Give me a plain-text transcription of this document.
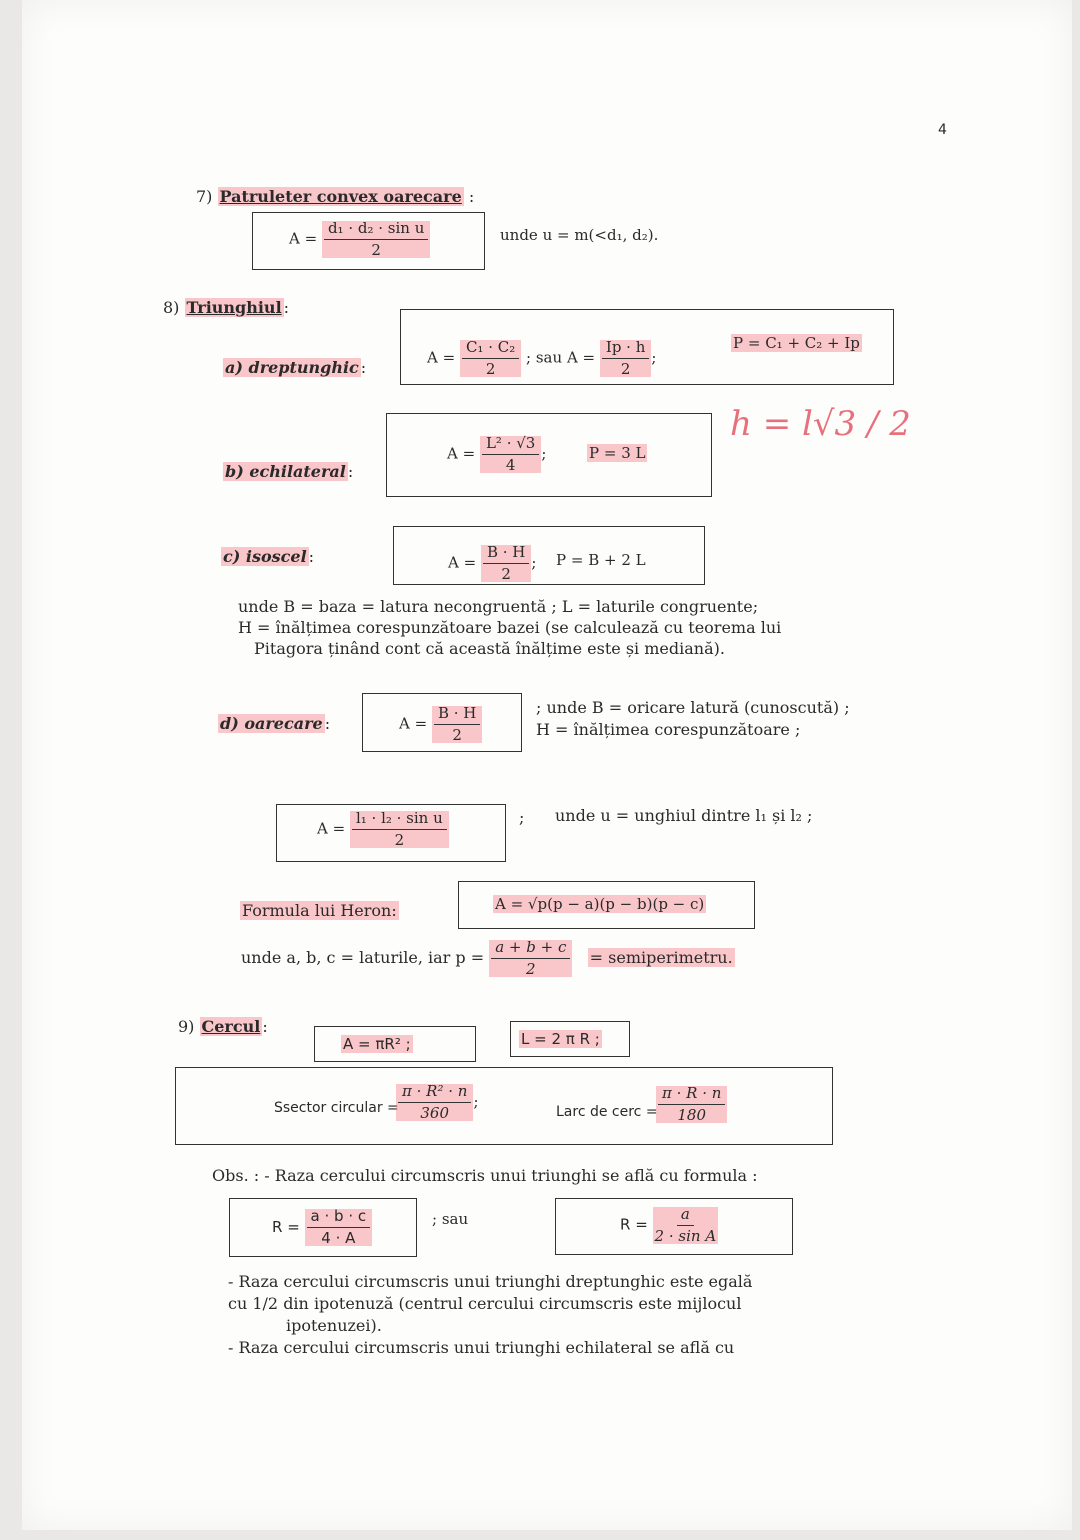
4
7) Patruleter convex oarecare :
$A = \frac{\text{d₁ · d₂ · sin u}}{2}$	unde u = m(<d₁, d₂).
8) Triunghiul :
a) dreptunghic :
$A = \frac{\text{C₁ · C₂}}{2}$ ; sau $A = \frac{Ip \cdot h}{2}$ ;
P = C₁ + C₂ + Ip
b) echilateral :
$A = \frac{\text{L² · √3}}{4}$ ;	P = 3 L
h = l√3 / 2
c) isoscel :	$A = \frac{B \cdot H}{2}$ ; P = B + 2 L
unde B = baza = latura necongruentă ; L = laturile congruente;
H = înălțimea corespunzătoare bazei (se calculează cu teorema lui
Pitagora ținând cont că această înălțime este și mediană).
d) oarecare :	$A = \frac{B \cdot H}{2}$	; unde B = oricare latură (cunoscută) ;
H = înălțimea corespunzătoare ;
$A = \frac{\text{l₁ · l₂ · sin u}}{2}$	; unde u = unghiul dintre l₁ și l₂ ;
Formula lui Heron:	A = √p(p − a)(p − b)(p − c)
unde a, b, c = laturile, iar $p = \frac{a + b + c}{2}$ = semiperimetru.
9) Cercul :
A = πR² ;	L = 2 π R ;
Ssector circular =
$\frac{\text{π · R² · n}}{360}$ ;
Larc de cerc =
$\frac{\pi \cdot R \cdot n}{180}$
Obs. : - Raza cercului circumscris unui triunghi se află cu formula :
$R = \frac{a \cdot b \cdot c}{4 \cdot A}$	; sau	$R = \frac{a}{\text{2 · sin A}}$
- Raza cercului circumscris unui triunghi dreptunghic este egală
cu 1/2 din ipotenuză (centrul cercului circumscris este mijlocul
ipotenuzei).
- Raza cercului circumscris unui triunghi echilateral se află cu
